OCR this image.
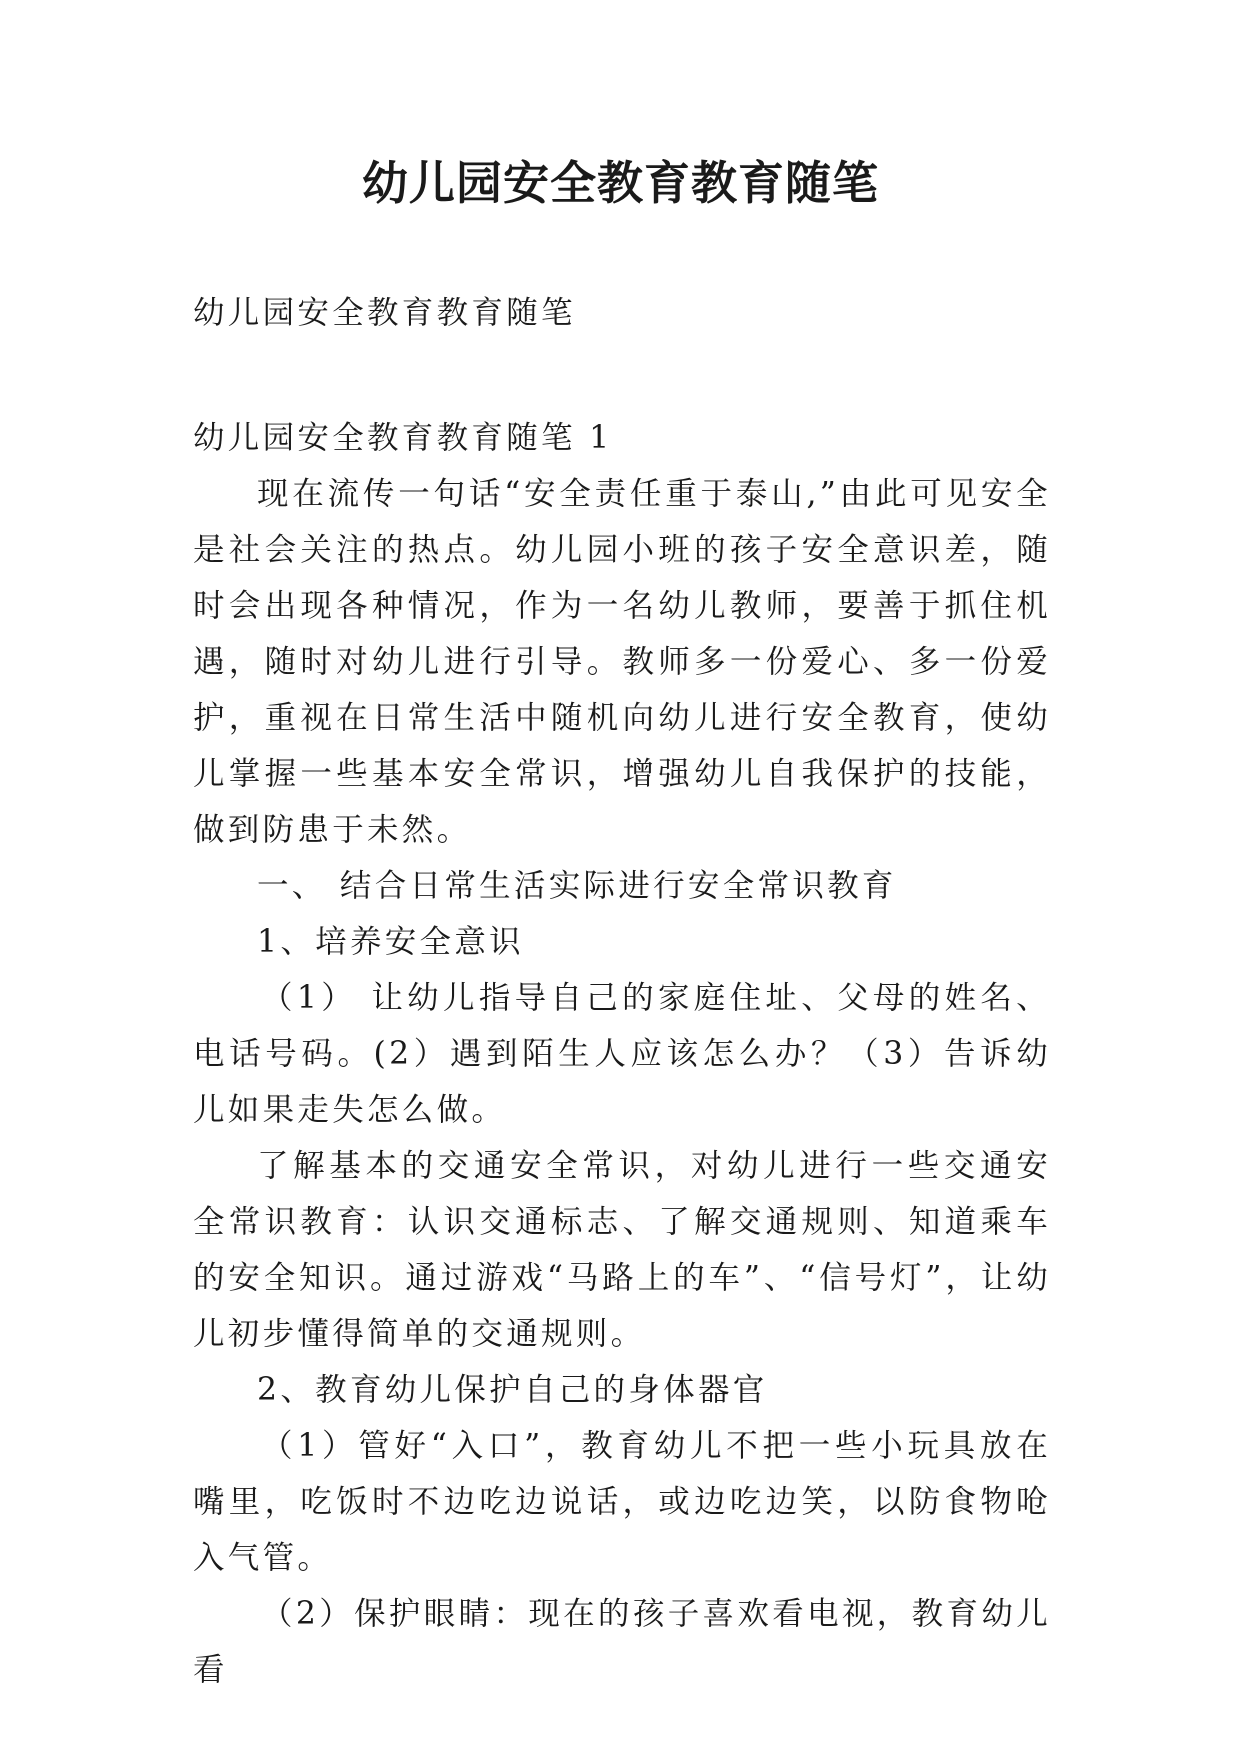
幼儿园安全教育教育随笔

幼儿园安全教育教育随笔

幼儿园安全教育教育随笔 1

现在流传一句话“安全责任重于泰山,”由此可见安全是社会关注的热点。幼儿园小班的孩子安全意识差，随时会出现各种情况，作为一名幼儿教师，要善于抓住机遇，随时对幼儿进行引导。教师多一份爱心、多一份爱护，重视在日常生活中随机向幼儿进行安全教育，使幼儿掌握一些基本安全常识，增强幼儿自我保护的技能，做到防患于未然。

一、 结合日常生活实际进行安全常识教育

1、培养安全意识

（1） 让幼儿指导自己的家庭住址、父母的姓名、电话号码。(2）遇到陌生人应该怎么办？（3）告诉幼儿如果走失怎么做。

了解基本的交通安全常识，对幼儿进行一些交通安全常识教育：认识交通标志、了解交通规则、知道乘车的安全知识。通过游戏“马路上的车”、“信号灯”，让幼儿初步懂得简单的交通规则。

2、教育幼儿保护自己的身体器官

（1）管好“入口”，教育幼儿不把一些小玩具放在嘴里，吃饭时不边吃边说话，或边吃边笑，以防食物呛入气管。

（2）保护眼睛：现在的孩子喜欢看电视，教育幼儿看
